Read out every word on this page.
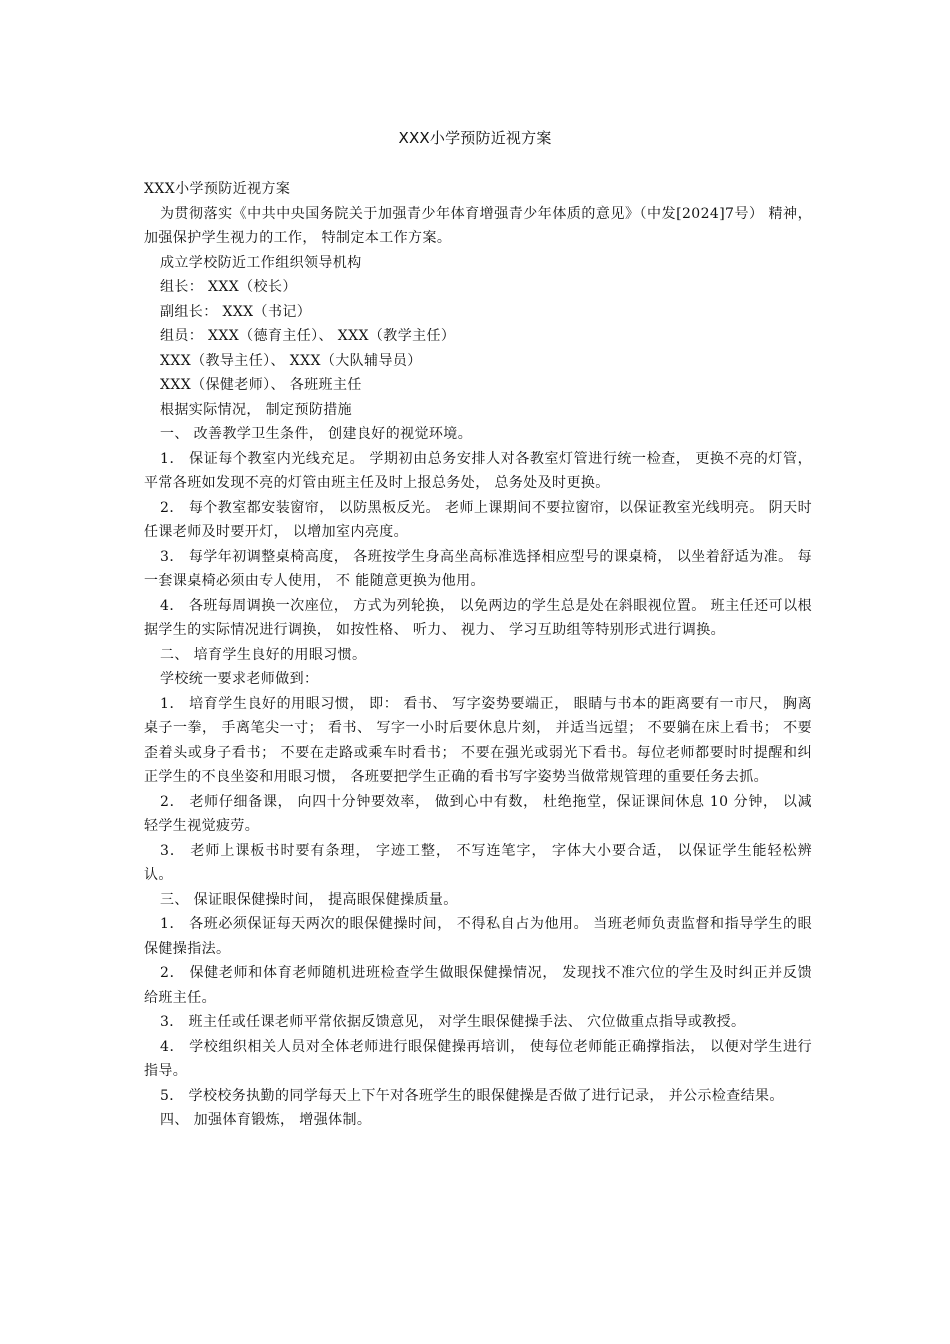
XXX小学预防近视方案

XXX小学预防近视方案

为贯彻落实《中共中央国务院关于加强青少年体育增强青少年体质的意见》（中发[2024]7号） 精神， 加强保护学生视力的工作， 特制定本工作方案。

成立学校防近工作组织领导机构

组长： XXX（校长）

副组长： XXX（书记）

组员： XXX（德育主任）、 XXX（教学主任）

XXX（教导主任）、 XXX（大队辅导员）

XXX（保健老师）、 各班班主任

根据实际情况， 制定预防措施

一、 改善教学卫生条件， 创建良好的视觉环境。

1． 保证每个教室内光线充足。 学期初由总务安排人对各教室灯管进行统一检查， 更换不亮的灯管， 平常各班如发现不亮的灯管由班主任及时上报总务处， 总务处及时更换。

2． 每个教室都安装窗帘， 以防黑板反光。 老师上课期间不要拉窗帘，以保证教室光线明亮。 阴天时任课老师及时要开灯， 以增加室内亮度。

3． 每学年初调整桌椅高度， 各班按学生身高坐高标准选择相应型号的课桌椅， 以坐着舒适为准。 每一套课桌椅必须由专人使用， 不 能随意更换为他用。

4． 各班每周调换一次座位， 方式为列轮换， 以免两边的学生总是处在斜眼视位置。 班主任还可以根据学生的实际情况进行调换， 如按性格、 听力、 视力、 学习互助组等特别形式进行调换。

二、 培育学生良好的用眼习惯。

学校统一要求老师做到：

1． 培育学生良好的用眼习惯， 即： 看书、 写字姿势要端正， 眼睛与书本的距离要有一市尺， 胸离桌子一拳， 手离笔尖一寸； 看书、 写字一小时后要休息片刻， 并适当远望； 不要躺在床上看书； 不要歪着头或身子看书； 不要在走路或乘车时看书； 不要在强光或弱光下看书。每位老师都要时时提醒和纠正学生的不良坐姿和用眼习惯， 各班要把学生正确的看书写字姿势当做常规管理的重要任务去抓。

2． 老师仔细备课， 向四十分钟要效率， 做到心中有数， 杜绝拖堂，保证课间休息 10 分钟， 以减轻学生视觉疲劳。

3． 老师上课板书时要有条理， 字迹工整， 不写连笔字， 字体大小要合适， 以保证学生能轻松辨认。

三、 保证眼保健操时间， 提高眼保健操质量。

1． 各班必须保证每天两次的眼保健操时间， 不得私自占为他用。 当班老师负责监督和指导学生的眼保健操指法。

2． 保健老师和体育老师随机进班检查学生做眼保健操情况， 发现找不准穴位的学生及时纠正并反馈给班主任。

3． 班主任或任课老师平常依据反馈意见， 对学生眼保健操手法、 穴位做重点指导或教授。

4． 学校组织相关人员对全体老师进行眼保健操再培训， 使每位老师能正确撑指法， 以便对学生进行指导。

5． 学校校务执勤的同学每天上下午对各班学生的眼保健操是否做了进行记录， 并公示检查结果。

四、 加强体育锻炼， 增强体制。
